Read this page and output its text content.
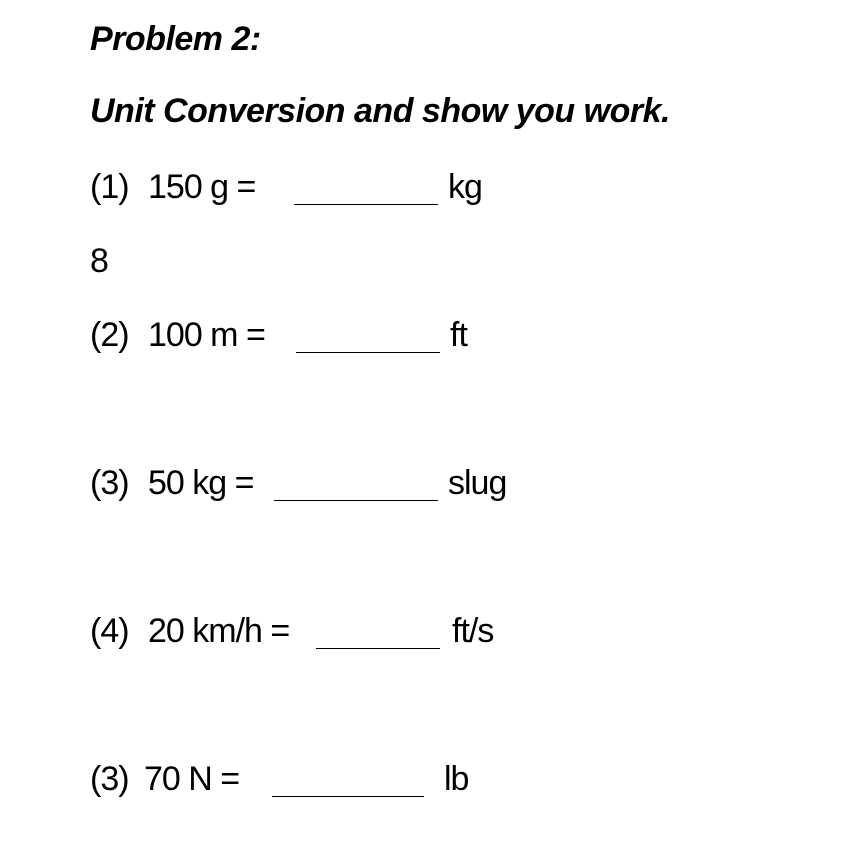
Problem 2:
Unit Conversion and show you work.
(1) 150 g =	kg
8
(2) 100 m =	ft
(3) 50 kg =	slug
(4) 20 km/h =	ft/s
(3) 70 N =	lb
